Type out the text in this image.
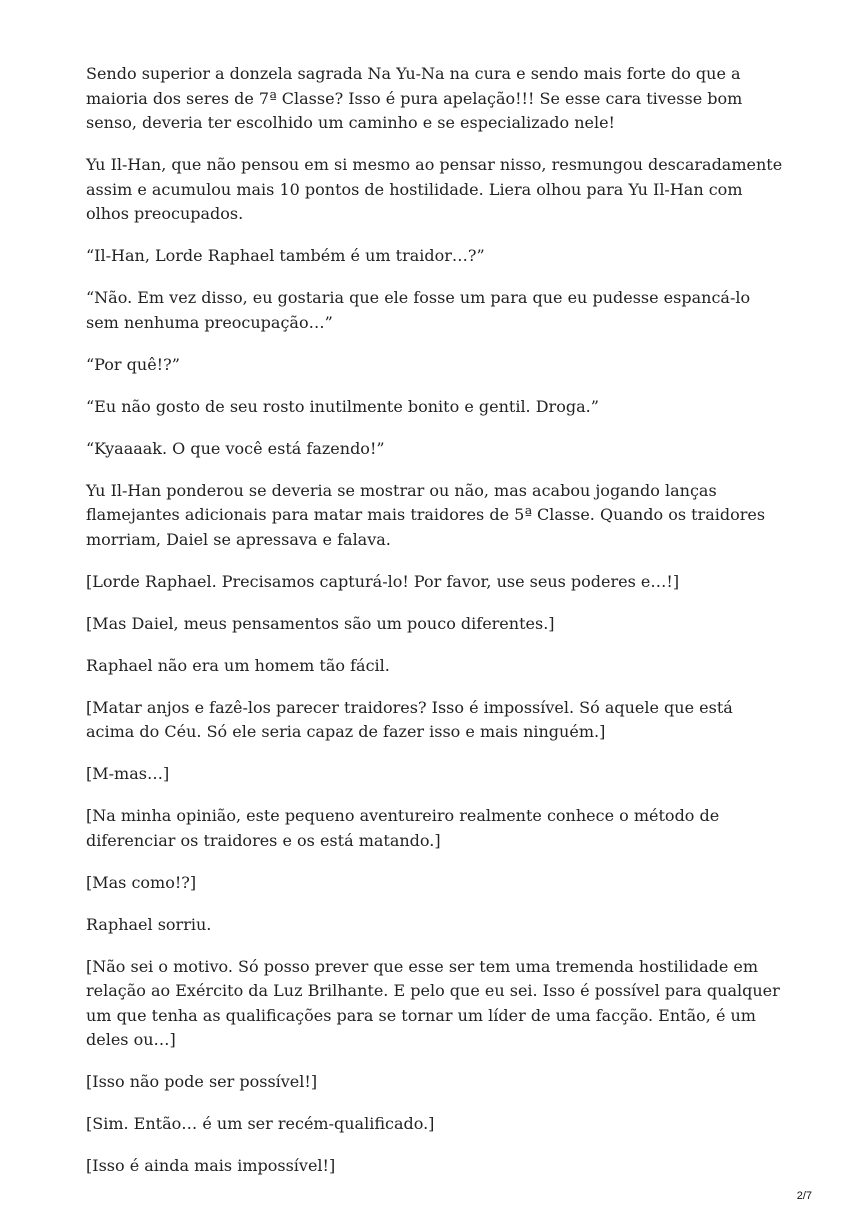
Sendo superior a donzela sagrada Na Yu-Na na cura e sendo mais forte do que a maioria dos seres de 7ª Classe? Isso é pura apelação!!! Se esse cara tivesse bom senso, deveria ter escolhido um caminho e se especializado nele!

Yu Il-Han, que não pensou em si mesmo ao pensar nisso, resmungou descaradamente assim e acumulou mais 10 pontos de hostilidade. Liera olhou para Yu Il-Han com olhos preocupados.

“Il-Han, Lorde Raphael também é um traidor…?”

“Não. Em vez disso, eu gostaria que ele fosse um para que eu pudesse espancá-lo sem nenhuma preocupação…”

“Por quê!?”

“Eu não gosto de seu rosto inutilmente bonito e gentil. Droga.”

“Kyaaaak. O que você está fazendo!”

Yu Il-Han ponderou se deveria se mostrar ou não, mas acabou jogando lanças flamejantes adicionais para matar mais traidores de 5ª Classe. Quando os traidores morriam, Daiel se apressava e falava.

[Lorde Raphael. Precisamos capturá-lo! Por favor, use seus poderes e…!]

[Mas Daiel, meus pensamentos são um pouco diferentes.]

Raphael não era um homem tão fácil.

[Matar anjos e fazê-los parecer traidores? Isso é impossível. Só aquele que está acima do Céu. Só ele seria capaz de fazer isso e mais ninguém.]

[M-mas…]

[Na minha opinião, este pequeno aventureiro realmente conhece o método de diferenciar os traidores e os está matando.]

[Mas como!?]

Raphael sorriu.

[Não sei o motivo. Só posso prever que esse ser tem uma tremenda hostilidade em relação ao Exército da Luz Brilhante. E pelo que eu sei. Isso é possível para qualquer um que tenha as qualificações para se tornar um líder de uma facção. Então, é um deles ou…]

[Isso não pode ser possível!]

[Sim. Então… é um ser recém-qualificado.]

[Isso é ainda mais impossível!]

2/7
